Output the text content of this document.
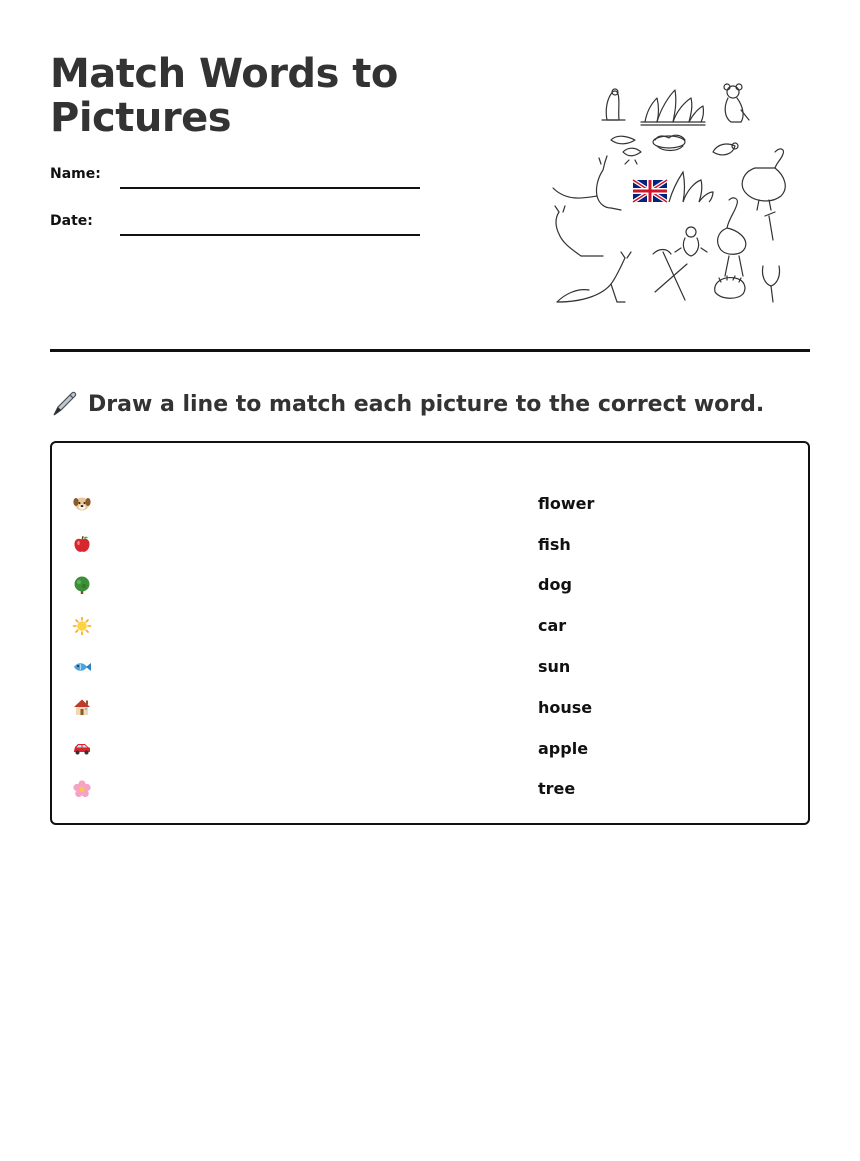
Match Words to Pictures
Name:
Date:
Draw a line to match each picture to the correct word.
flower
fish
dog
car
sun
house
apple
tree
